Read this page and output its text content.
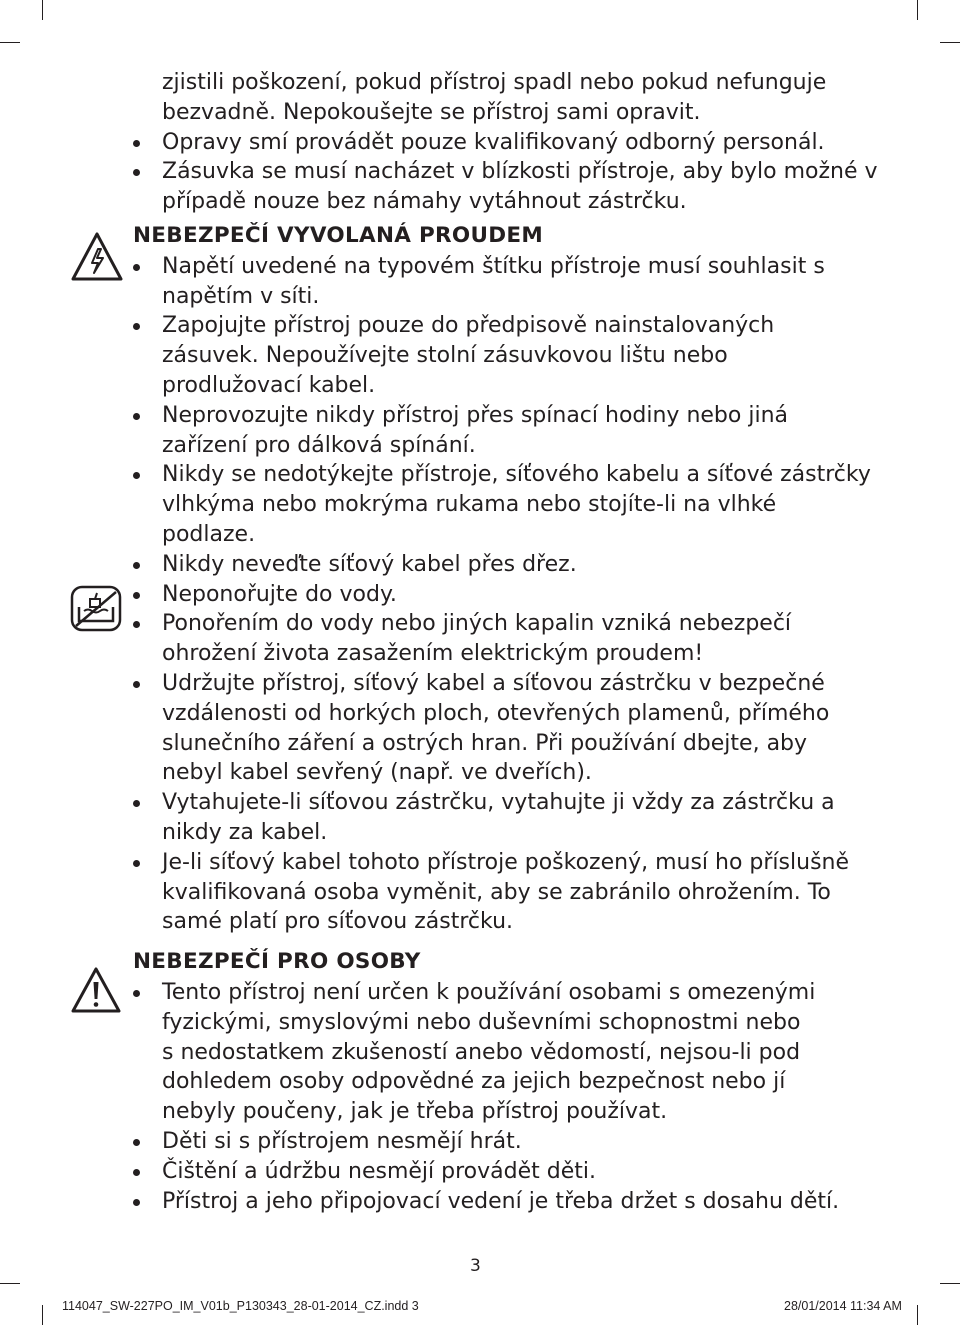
zjistili poškození, pokud přístroj spadl nebo pokud nefunguje
bezvadně. Nepokoušejte se přístroj sami opravit.
Opravy smí provádět pouze kvalifikovaný odborný personál.
Zásuvka se musí nacházet v blízkosti přístroje, aby bylo možné v
případě nouze bez námahy vytáhnout zástrčku.
NEBEZPEČÍ VYVOLANÁ PROUDEM
Napětí uvedené na typovém štítku přístroje musí souhlasit s
napětím v síti.
Zapojujte přístroj pouze do předpisově nainstalovaných
zásuvek. Nepoužívejte stolní zásuvkovou lištu nebo
prodlužovací kabel.
Neprovozujte nikdy přístroj přes spínací hodiny nebo jiná
zařízení pro dálková spínání.
Nikdy se nedotýkejte přístroje, síťového kabelu a síťové zástrčky
vlhkýma nebo mokrýma rukama nebo stojíte-li na vlhké
podlaze.
Nikdy neveďte síťový kabel přes dřez.
Neponořujte do vody.
Ponořením do vody nebo jiných kapalin vzniká nebezpečí
ohrožení života zasažením elektrickým proudem!
Udržujte přístroj, síťový kabel a síťovou zástrčku v bezpečné
vzdálenosti od horkých ploch, otevřených plamenů, přímého
slunečního záření a ostrých hran. Při používání dbejte, aby
nebyl kabel sevřený (např. ve dveřích).
Vytahujete-li síťovou zástrčku, vytahujte ji vždy za zástrčku a
nikdy za kabel.
Je-li síťový kabel tohoto přístroje poškozený, musí ho příslušně
kvalifikovaná osoba vyměnit, aby se zabránilo ohrožením. To
samé platí pro síťovou zástrčku.
NEBEZPEČÍ PRO OSOBY
Tento přístroj není určen k používání osobami s omezenými
fyzickými, smyslovými nebo duševními schopnostmi nebo
s nedostatkem zkušeností anebo vědomostí, nejsou-li pod
dohledem osoby odpovědné za jejich bezpečnost nebo jí
nebyly poučeny, jak je třeba přístroj používat.
Děti si s přístrojem nesmějí hrát.
Čištění a údržbu nesmějí provádět děti.
Přístroj a jeho připojovací vedení je třeba držet s dosahu dětí.
3
114047_SW-227PO_IM_V01b_P130343_28-01-2014_CZ.indd 3	28/01/2014 11:34 AM
